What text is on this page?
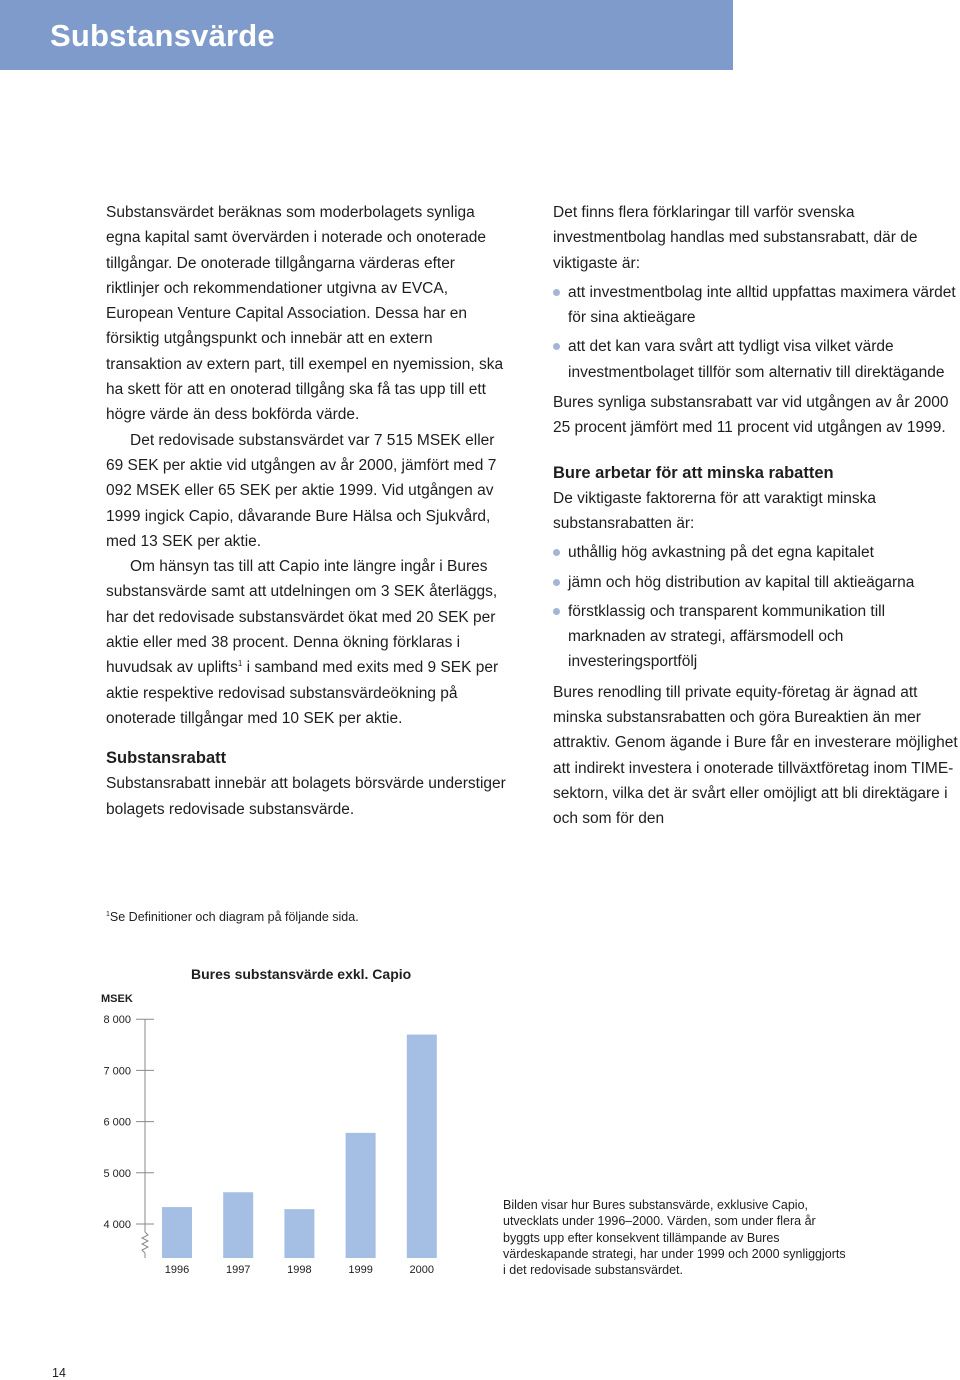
Substansvärde

Substansvärdet beräknas som moderbolagets synliga egna kapital samt övervärden i noterade och onoterade tillgångar. De onoterade tillgångarna värderas efter riktlinjer och rekommendationer utgivna av EVCA, European Venture Capital Association. Dessa har en försiktig utgångspunkt och innebär att en extern transaktion av extern part, till exempel en nyemission, ska ha skett för att en onoterad tillgång ska få tas upp till ett högre värde än dess bokförda värde.

Det redovisade substansvärdet var 7 515 MSEK eller 69 SEK per aktie vid utgången av år 2000, jämfört med 7 092 MSEK eller 65 SEK per aktie 1999. Vid utgången av 1999 ingick Capio, dåvarande Bure Hälsa och Sjukvård, med 13 SEK per aktie.

Om hänsyn tas till att Capio inte längre ingår i Bures substansvärde samt att utdelningen om 3 SEK återläggs, har det redovisade substansvärdet ökat med 20 SEK per aktie eller med 38 procent. Denna ökning förklaras i huvudsak av uplifts$^1$ i samband med exits med 9 SEK per aktie respektive redovisad substansvärdeökning på onoterade tillgångar med 10 SEK per aktie.

Substansrabatt

Substansrabatt innebär att bolagets börsvärde understiger bolagets redovisade substansvärde.

Det finns flera förklaringar till varför svenska investmentbolag handlas med substansrabatt, där de viktigaste är:

att investmentbolag inte alltid uppfattas maximera värdet för sina aktieägare
att det kan vara svårt att tydligt visa vilket värde investmentbolaget tillför som alternativ till direktägande

Bures synliga substansrabatt var vid utgången av år 2000 25 procent jämfört med 11 procent vid utgången av 1999.

Bure arbetar för att minska rabatten

De viktigaste faktorerna för att varaktigt minska substansrabatten är:

uthållig hög avkastning på det egna kapitalet
jämn och hög distribution av kapital till aktieägarna
förstklassig och transparent kommunikation till marknaden av strategi, affärsmodell och investeringsportfölj

Bures renodling till private equity-företag är ägnad att minska substansrabatten och göra Bureaktien än mer attraktiv. Genom ägande i Bure får en investerare möjlighet att indirekt investera i onoterade tillväxtföretag inom TIME-sektorn, vilka det är svårt eller omöjligt att bli direktägare i och som för den

$^1$Se Definitioner och diagram på följande sida.

Bures substansvärde exkl. Capio
MSEK
4 000
5 000
6 000
7 000
8 000
1996	1997	1998	1999	2000

Bilden visar hur Bures substansvärde, exklusive Capio, utvecklats under 1996–2000. Värden, som under flera år byggts upp efter konsekvent tillämpande av Bures värdeskapande strategi, har under 1999 och 2000 synliggjorts i det redovisade substansvärdet.

14
